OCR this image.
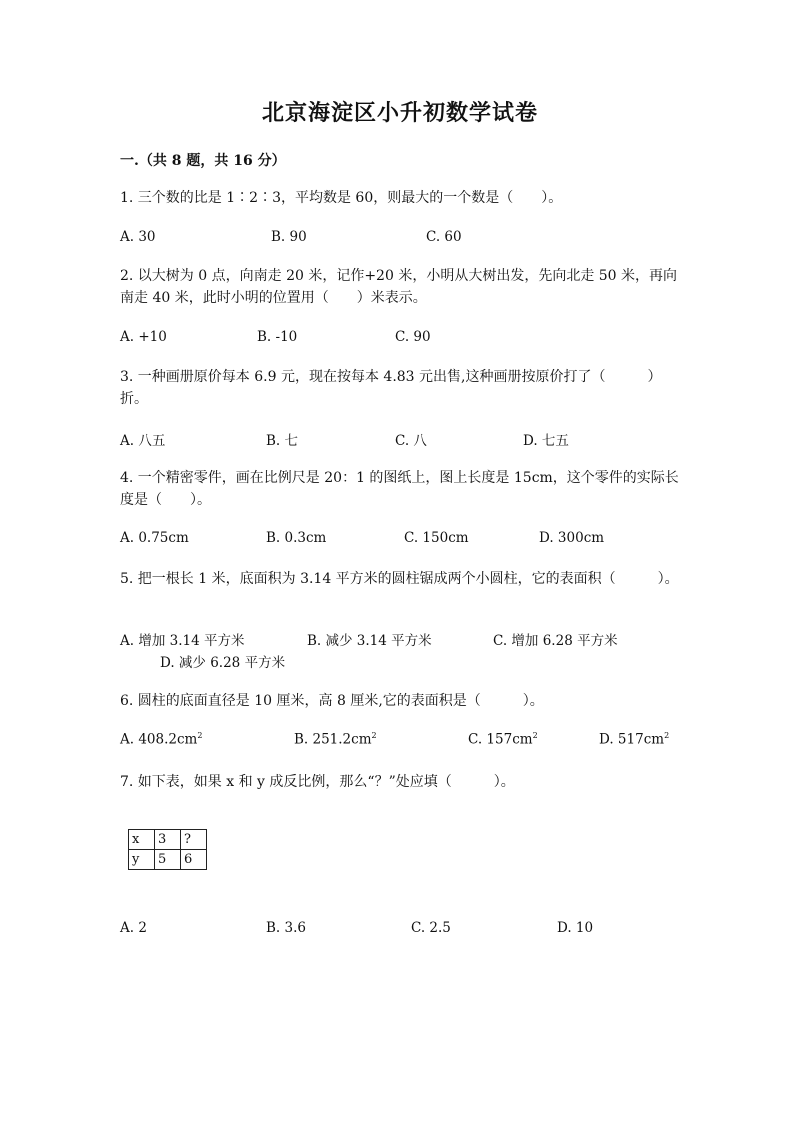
北京海淀区小升初数学试卷
一.（共 8 题，共 16 分）
1. 三个数的比是 1∶2∶3，平均数是 60，则最大的一个数是（　　）。
A. 30	B. 90	C. 60
2. 以大树为 0 点，向南走 20 米，记作+20 米，小明从大树出发，先向北走 50 米，再向南走 40 米，此时小明的位置用（　　）米表示。
A. +10	B. -10	C. 90
3. 一种画册原价每本 6.9 元，现在按每本 4.83 元出售,这种画册按原价打了（　　　）折。
A. 八五	B. 七	C. 八	D. 七五
4. 一个精密零件，画在比例尺是 20：1 的图纸上，图上长度是 15cm，这个零件的实际长度是（　　）。
A. 0.75cm	B. 0.3cm	C. 150cm	D. 300cm
5. 把一根长 1 米，底面积为 3.14 平方米的圆柱锯成两个小圆柱，它的表面积（　　　）。
A. 增加 3.14 平方米	B. 减少 3.14 平方米	C. 增加 6.28 平方米
D. 减少 6.28 平方米
6. 圆柱的底面直径是 10 厘米，高 8 厘米,它的表面积是（　　　）。
A. $408.2cm^2$	B. $251.2cm^2$	C. $157cm^2$	D. $517cm^2$
7. 如下表，如果 x 和 y 成反比例，那么“？”处应填（　　　）。
x	3	?
y	5	6
A. 2	B. 3.6	C. 2.5	D. 10
